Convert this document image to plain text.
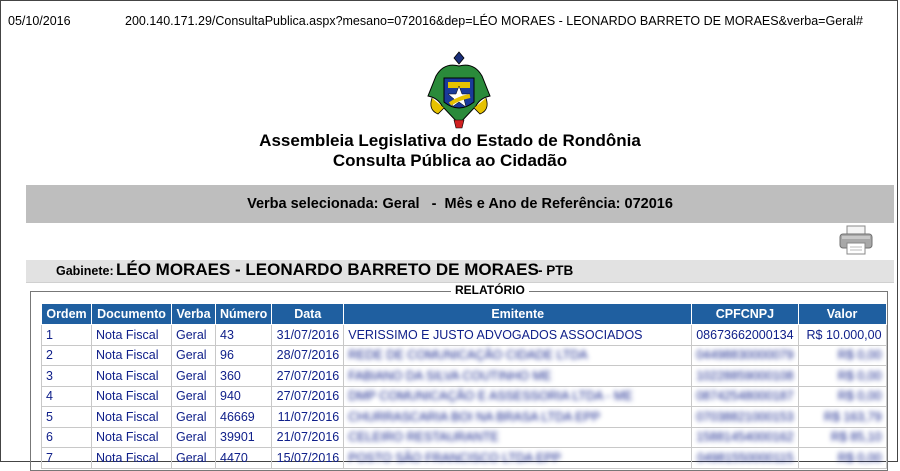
05/10/2016	200.140.171.29/ConsultaPublica.aspx?mesano=072016&dep=LÉO MORAES - LEONARDO BARRETO DE MORAES&verba=Geral#
Assembleia Legislativa do Estado de Rondônia
Consulta Pública ao Cidadão
Verba selecionada: Geral   -  Mês e Ano de Referência: 072016
Gabinete: LÉO MORAES - LEONARDO BARRETO DE MORAES - PTB
RELATÓRIO
Ordem	Documento	Verba	Número	Data	Emitente	CPFCNPJ	Valor
1	Nota Fiscal	Geral	43	31/07/2016	VERISSIMO E JUSTO ADVOGADOS ASSOCIADOS	08673662000134	R$ 10.000,00
2	Nota Fiscal	Geral	96	28/07/2016	REDE DE COMUNICAÇÃO CIDADE LTDA	04498830000079	R$ 0,00
3	Nota Fiscal	Geral	360	27/07/2016	FABIANO DA SILVA COUTINHO ME	10228859000108	R$ 0,00
4	Nota Fiscal	Geral	940	27/07/2016	DMP COMUNICAÇÃO E ASSESSORIA LTDA - ME	08742548000187	R$ 0,00
5	Nota Fiscal	Geral	46669	11/07/2016	CHURRASCARIA BOI NA BRASA LTDA EPP	07038821000153	R$ 163,79
6	Nota Fiscal	Geral	39901	21/07/2016	CELEIRO RESTAURANTE	15881454000162	R$ 85,10
7	Nota Fiscal	Geral	4470	15/07/2016	POSTO SÃO FRANCISCO LTDA EPP	04981550000115	R$ 0,00
